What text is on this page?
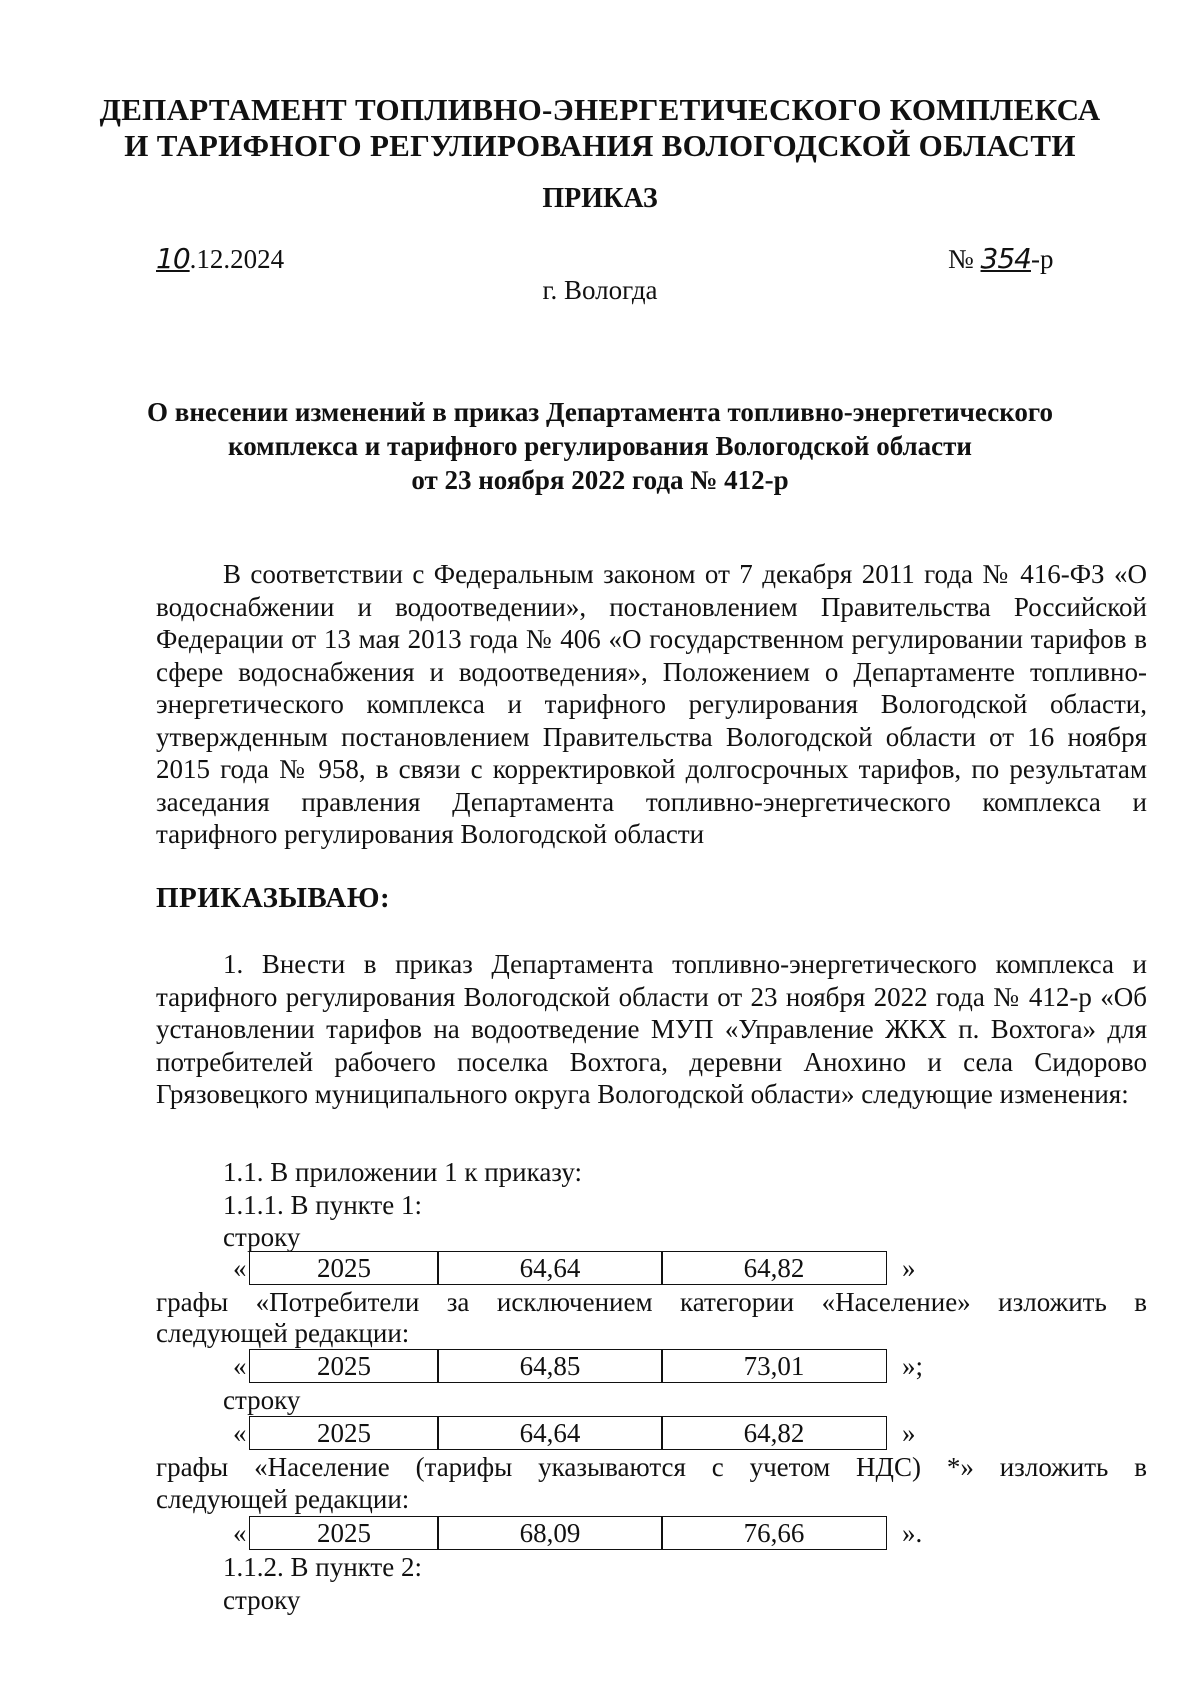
ДЕПАРТАМЕНТ ТОПЛИВНО-ЭНЕРГЕТИЧЕСКОГО КОМПЛЕКСА
И ТАРИФНОГО РЕГУЛИРОВАНИЯ ВОЛОГОДСКОЙ ОБЛАСТИ
ПРИКАЗ
10.12.2024	№ 354-р
г. Вологда
О внесении изменений в приказ Департамента топливно-энергетического
комплекса и тарифного регулирования Вологодской области
от 23 ноября 2022 года № 412-р
В соответствии с Федеральным законом от 7 декабря 2011 года № 416-ФЗ «О водоснабжении и водоотведении», постановлением Правительства Российской Федерации от 13 мая 2013 года № 406 «О государственном регулировании тарифов в сфере водоснабжения и водоотведения», Положением о Департаменте топливно-энергетического комплекса и тарифного регулирования Вологодской области, утвержденным постановлением Правительства Вологодской области от 16 ноября 2015 года № 958, в связи с корректировкой долгосрочных тарифов, по результатам заседания правления Департамента топливно-энергетического комплекса и тарифного регулирования Вологодской области
ПРИКАЗЫВАЮ:
1. Внести в приказ Департамента топливно-энергетического комплекса и тарифного регулирования Вологодской области от 23 ноября 2022 года № 412-р «Об установлении тарифов на водоотведение МУП «Управление ЖКХ п. Вохтога» для потребителей рабочего поселка Вохтога, деревни Анохино и села Сидорово Грязовецкого муниципального округа Вологодской области» следующие изменения:
1.1. В приложении 1 к приказу:
1.1.1. В пункте 1:
строку
«	2025	64,64	64,82	»
графы «Потребители за исключением категории «Население» изложить в
следующей редакции:
«	2025	64,85	73,01	»;
строку
«	2025	64,64	64,82	»
графы «Население (тарифы указываются с учетом НДС) *» изложить в
следующей редакции:
«	2025	68,09	76,66	».
1.1.2. В пункте 2:
строку
